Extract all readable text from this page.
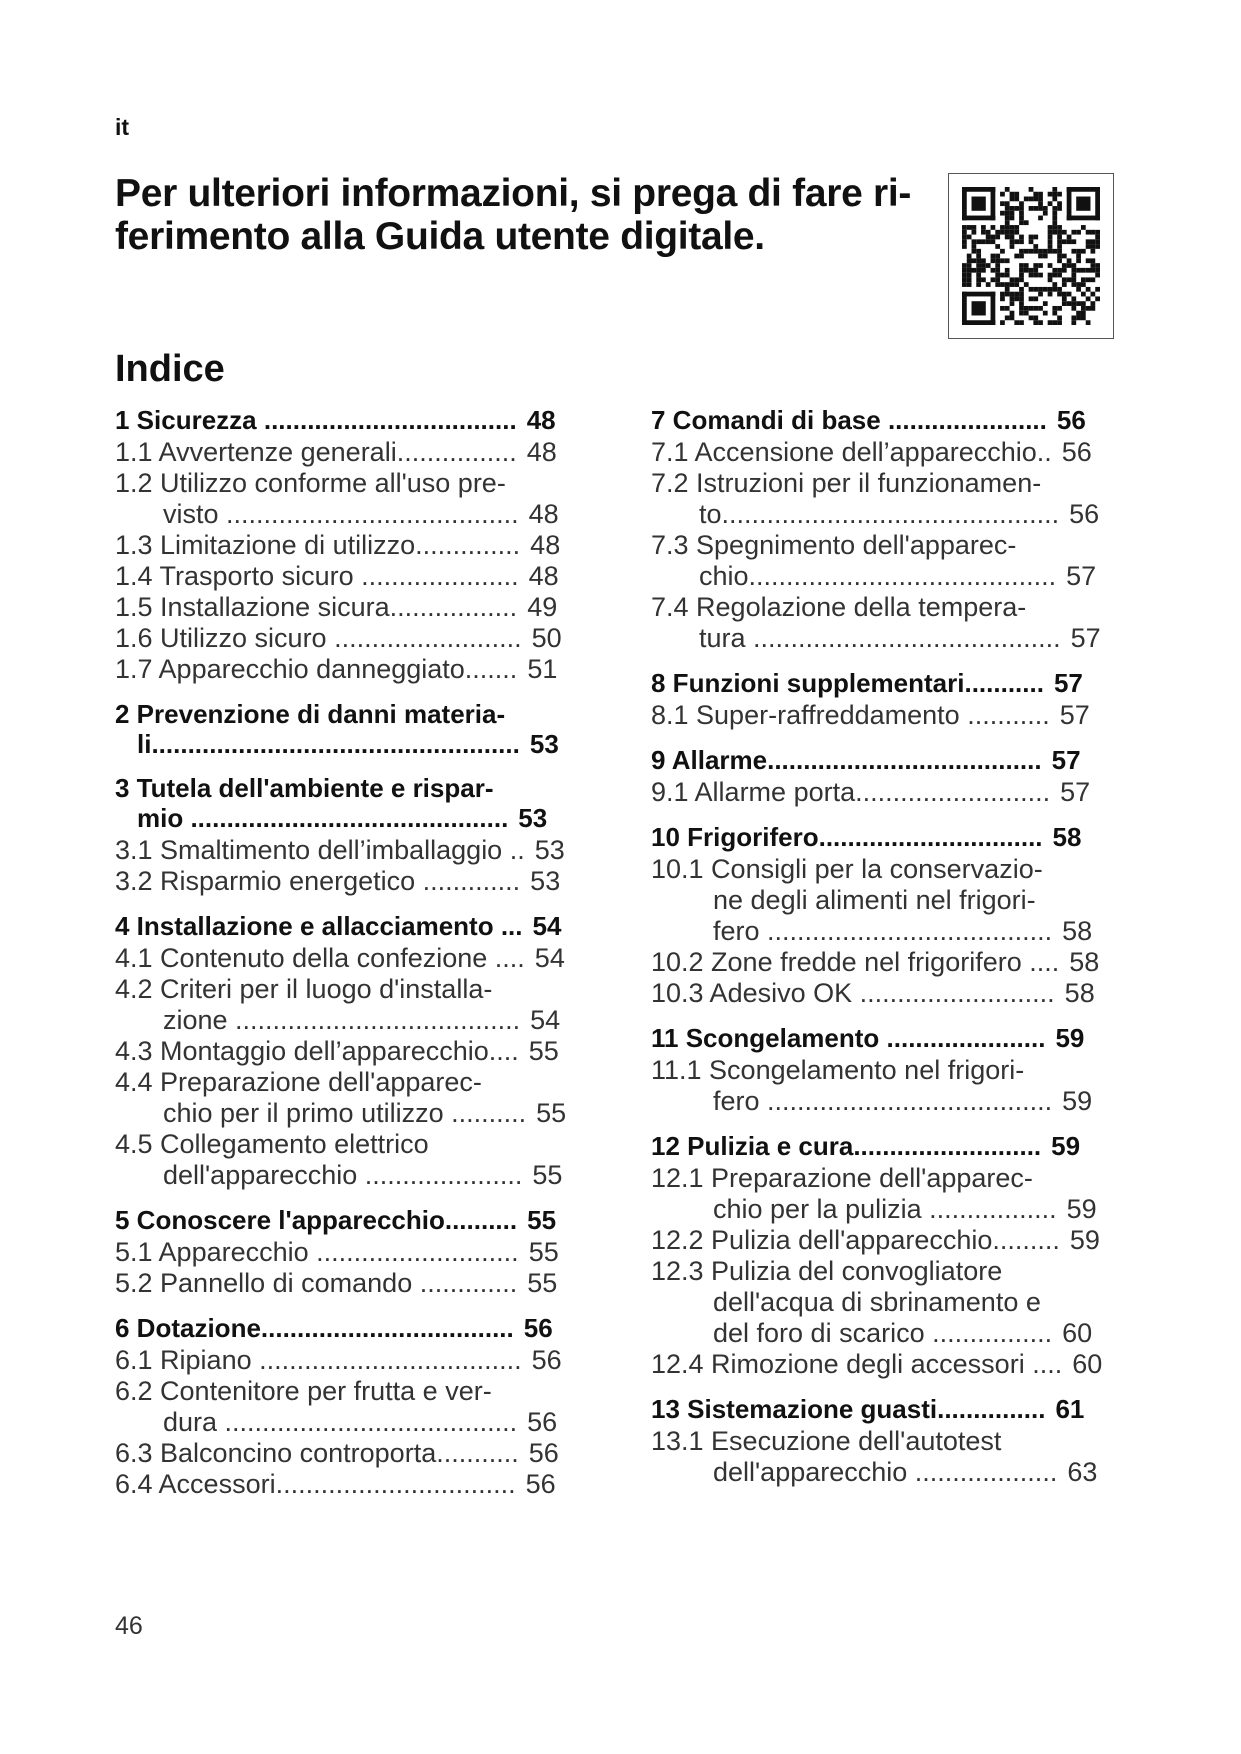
it
Per ulteriori informazioni, si prega di fare ri-
ferimento alla Guida utente digitale.
Indice
1 Sicurezza ................................... 48
1.1 Avvertenze generali................ 48
1.2 Utilizzo conforme all'uso pre-
visto ....................................... 48
1.3 Limitazione di utilizzo.............. 48
1.4 Trasporto sicuro ..................... 48
1.5 Installazione sicura................. 49
1.6 Utilizzo sicuro ......................... 50
1.7 Apparecchio danneggiato....... 51
2 Prevenzione di danni materia-
li................................................... 53
3 Tutela dell'ambiente e rispar-
mio ............................................ 53
3.1 Smaltimento dell’imballaggio .. 53
3.2 Risparmio energetico ............. 53
4 Installazione e allacciamento ... 54
4.1 Contenuto della confezione .... 54
4.2 Criteri per il luogo d'installa-
zione ...................................... 54
4.3 Montaggio dell’apparecchio.... 55
4.4 Preparazione dell'apparec-
chio per il primo utilizzo .......... 55
4.5 Collegamento elettrico
dell'apparecchio ..................... 55
5 Conoscere l'apparecchio.......... 55
5.1 Apparecchio ........................... 55
5.2 Pannello di comando ............. 55
6 Dotazione................................... 56
6.1 Ripiano ................................... 56
6.2 Contenitore per frutta e ver-
dura ....................................... 56
6.3 Balconcino controporta........... 56
6.4 Accessori................................ 56
7 Comandi di base ...................... 56
7.1 Accensione dell’apparecchio.. 56
7.2 Istruzioni per il funzionamen-
to............................................. 56
7.3 Spegnimento dell'apparec-
chio......................................... 57
7.4 Regolazione della tempera-
tura ......................................... 57
8 Funzioni supplementari........... 57
8.1 Super-raffreddamento ........... 57
9 Allarme...................................... 57
9.1 Allarme porta.......................... 57
10 Frigorifero............................... 58
10.1 Consigli per la conservazio-
ne degli alimenti nel frigori-
fero ...................................... 58
10.2 Zone fredde nel frigorifero .... 58
10.3 Adesivo OK .......................... 58
11 Scongelamento ...................... 59
11.1 Scongelamento nel frigori-
fero ...................................... 59
12 Pulizia e cura.......................... 59
12.1 Preparazione dell'apparec-
chio per la pulizia ................. 59
12.2 Pulizia dell'apparecchio......... 59
12.3 Pulizia del convogliatore
dell'acqua di sbrinamento e
del foro di scarico ................ 60
12.4 Rimozione degli accessori .... 60
13 Sistemazione guasti............... 61
13.1 Esecuzione dell'autotest
dell'apparecchio ................... 63
46
